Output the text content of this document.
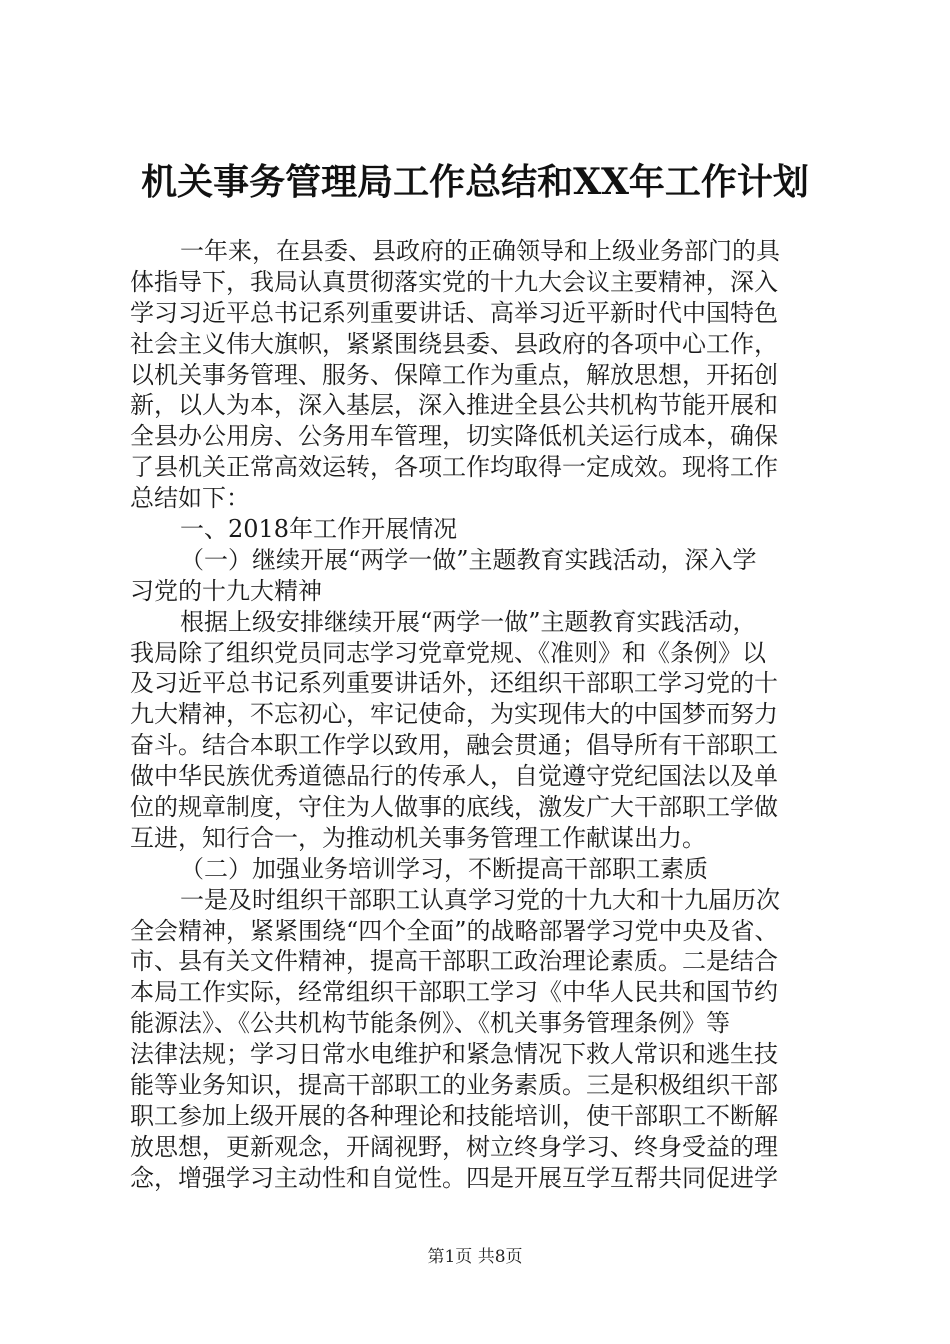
机关事务管理局工作总结和XX年工作计划
一年来，在县委、县政府的正确领导和上级业务部门的具
体指导下，我局认真贯彻落实党的十九大会议主要精神，深入
学习习近平总书记系列重要讲话、高举习近平新时代中国特色
社会主义伟大旗帜，紧紧围绕县委、县政府的各项中心工作，
以机关事务管理、服务、保障工作为重点，解放思想，开拓创
新，以人为本，深入基层，深入推进全县公共机构节能开展和
全县办公用房、公务用车管理，切实降低机关运行成本，确保
了县机关正常高效运转，各项工作均取得一定成效。现将工作
总结如下：
一、2018年工作开展情况
（一）继续开展“两学一做”主题教育实践活动，深入学
习党的十九大精神
根据上级安排继续开展“两学一做”主题教育实践活动，
我局除了组织党员同志学习党章党规、《准则》和《条例》以
及习近平总书记系列重要讲话外，还组织干部职工学习党的十
九大精神，不忘初心，牢记使命，为实现伟大的中国梦而努力
奋斗。结合本职工作学以致用，融会贯通；倡导所有干部职工
做中华民族优秀道德品行的传承人，自觉遵守党纪国法以及单
位的规章制度，守住为人做事的底线，激发广大干部职工学做
互进，知行合一，为推动机关事务管理工作献谋出力。
（二）加强业务培训学习，不断提高干部职工素质
一是及时组织干部职工认真学习党的十九大和十九届历次
全会精神，紧紧围绕“四个全面”的战略部署学习党中央及省、
市、县有关文件精神，提高干部职工政治理论素质。二是结合
本局工作实际，经常组织干部职工学习《中华人民共和国节约
能源法》、《公共机构节能条例》、《机关事务管理条例》等
法律法规；学习日常水电维护和紧急情况下救人常识和逃生技
能等业务知识，提高干部职工的业务素质。三是积极组织干部
职工参加上级开展的各种理论和技能培训，使干部职工不断解
放思想，更新观念，开阔视野，树立终身学习、终身受益的理
念，增强学习主动性和自觉性。四是开展互学互帮共同促进学
第1页 共8页
